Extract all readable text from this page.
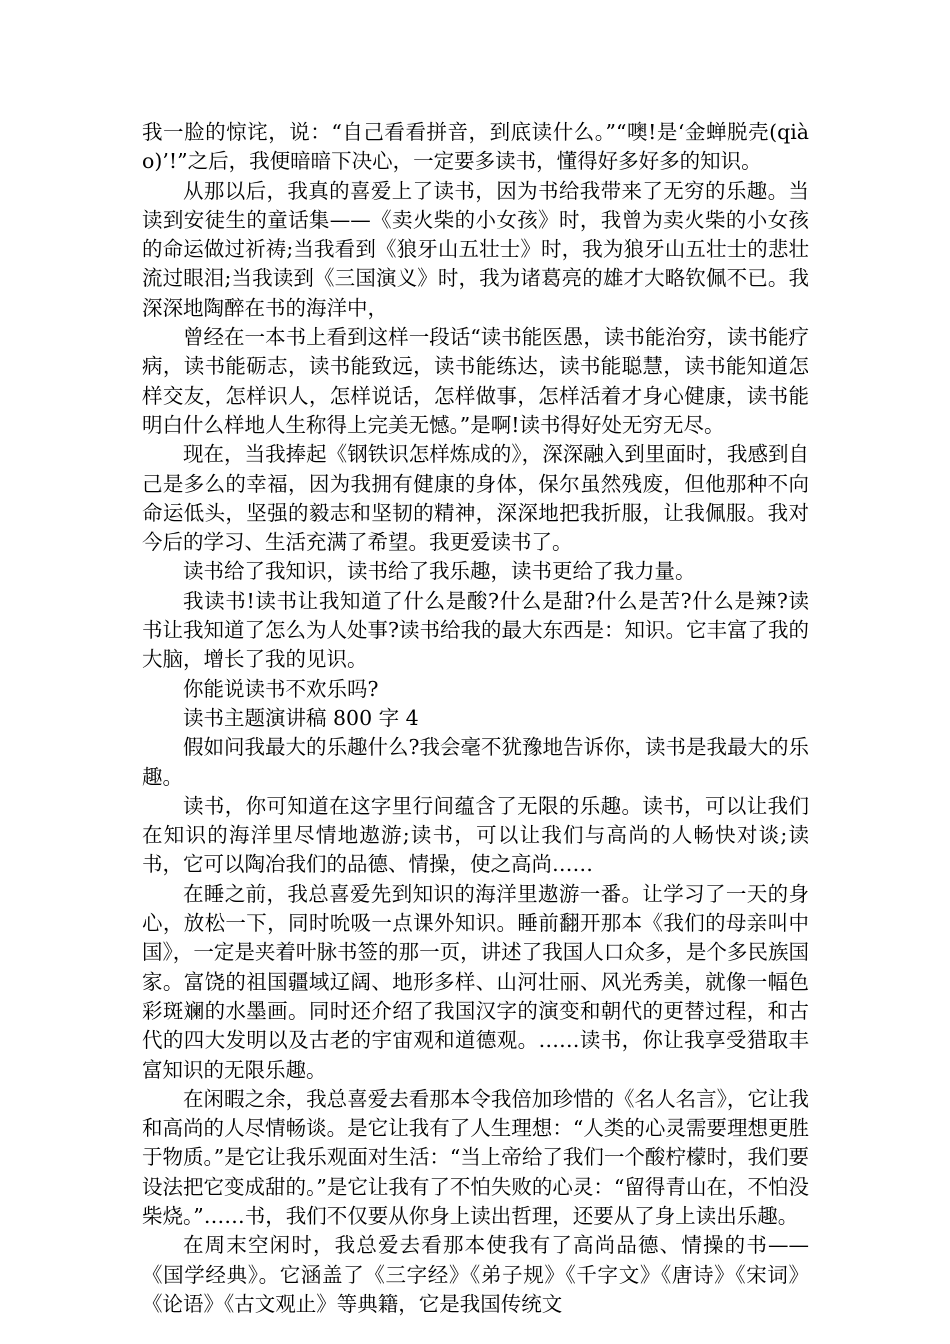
我一脸的惊诧，说：“自己看看拼音，到底读什么。”“噢!是‘金蝉脱壳(qiào)’!”之后，我便暗暗下决心，一定要多读书，懂得好多好多的知识。

从那以后，我真的喜爱上了读书，因为书给我带来了无穷的乐趣。当读到安徒生的童话集——《卖火柴的小女孩》时，我曾为卖火柴的小女孩的命运做过祈祷;当我看到《狼牙山五壮士》时，我为狼牙山五壮士的悲壮流过眼泪;当我读到《三国演义》时，我为诸葛亮的雄才大略钦佩不已。我深深地陶醉在书的海洋中，

曾经在一本书上看到这样一段话“读书能医愚，读书能治穷，读书能疗病，读书能砺志，读书能致远，读书能练达，读书能聪慧，读书能知道怎样交友，怎样识人，怎样说话，怎样做事，怎样活着才身心健康，读书能明白什么样地人生称得上完美无憾。”是啊!读书得好处无穷无尽。

现在，当我捧起《钢铁识怎样炼成的》，深深融入到里面时，我感到自己是多么的幸福，因为我拥有健康的身体，保尔虽然残废，但他那种不向命运低头，坚强的毅志和坚韧的精神，深深地把我折服，让我佩服。我对今后的学习、生活充满了希望。我更爱读书了。

读书给了我知识，读书给了我乐趣，读书更给了我力量。

我读书!读书让我知道了什么是酸?什么是甜?什么是苦?什么是辣?读书让我知道了怎么为人处事?读书给我的最大东西是：知识。它丰富了我的大脑，增长了我的见识。

你能说读书不欢乐吗?

读书主题演讲稿 800 字 4

假如问我最大的乐趣什么?我会毫不犹豫地告诉你，读书是我最大的乐趣。

读书，你可知道在这字里行间蕴含了无限的乐趣。读书，可以让我们在知识的海洋里尽情地遨游;读书，可以让我们与高尚的人畅快对谈;读书，它可以陶冶我们的品德、情操，使之高尚……

在睡之前，我总喜爱先到知识的海洋里遨游一番。让学习了一天的身心，放松一下，同时吮吸一点课外知识。睡前翻开那本《我们的母亲叫中国》，一定是夹着叶脉书签的那一页，讲述了我国人口众多，是个多民族国家。富饶的祖国疆域辽阔、地形多样、山河壮丽、风光秀美，就像一幅色彩斑斓的水墨画。同时还介绍了我国汉字的演变和朝代的更替过程，和古代的四大发明以及古老的宇宙观和道德观。……读书，你让我享受猎取丰富知识的无限乐趣。

在闲暇之余，我总喜爱去看那本令我倍加珍惜的《名人名言》，它让我和高尚的人尽情畅谈。是它让我有了人生理想：“人类的心灵需要理想更胜于物质。”是它让我乐观面对生活：“当上帝给了我们一个酸柠檬时，我们要设法把它变成甜的。”是它让我有了不怕失败的心灵：“留得青山在，不怕没柴烧。”……书，我们不仅要从你身上读出哲理，还要从了身上读出乐趣。

在周末空闲时，我总爱去看那本使我有了高尚品德、情操的书——《国学经典》。它涵盖了《三字经》《弟子规》《千字文》《唐诗》《宋词》《论语》《古文观止》等典籍，它是我国传统文
